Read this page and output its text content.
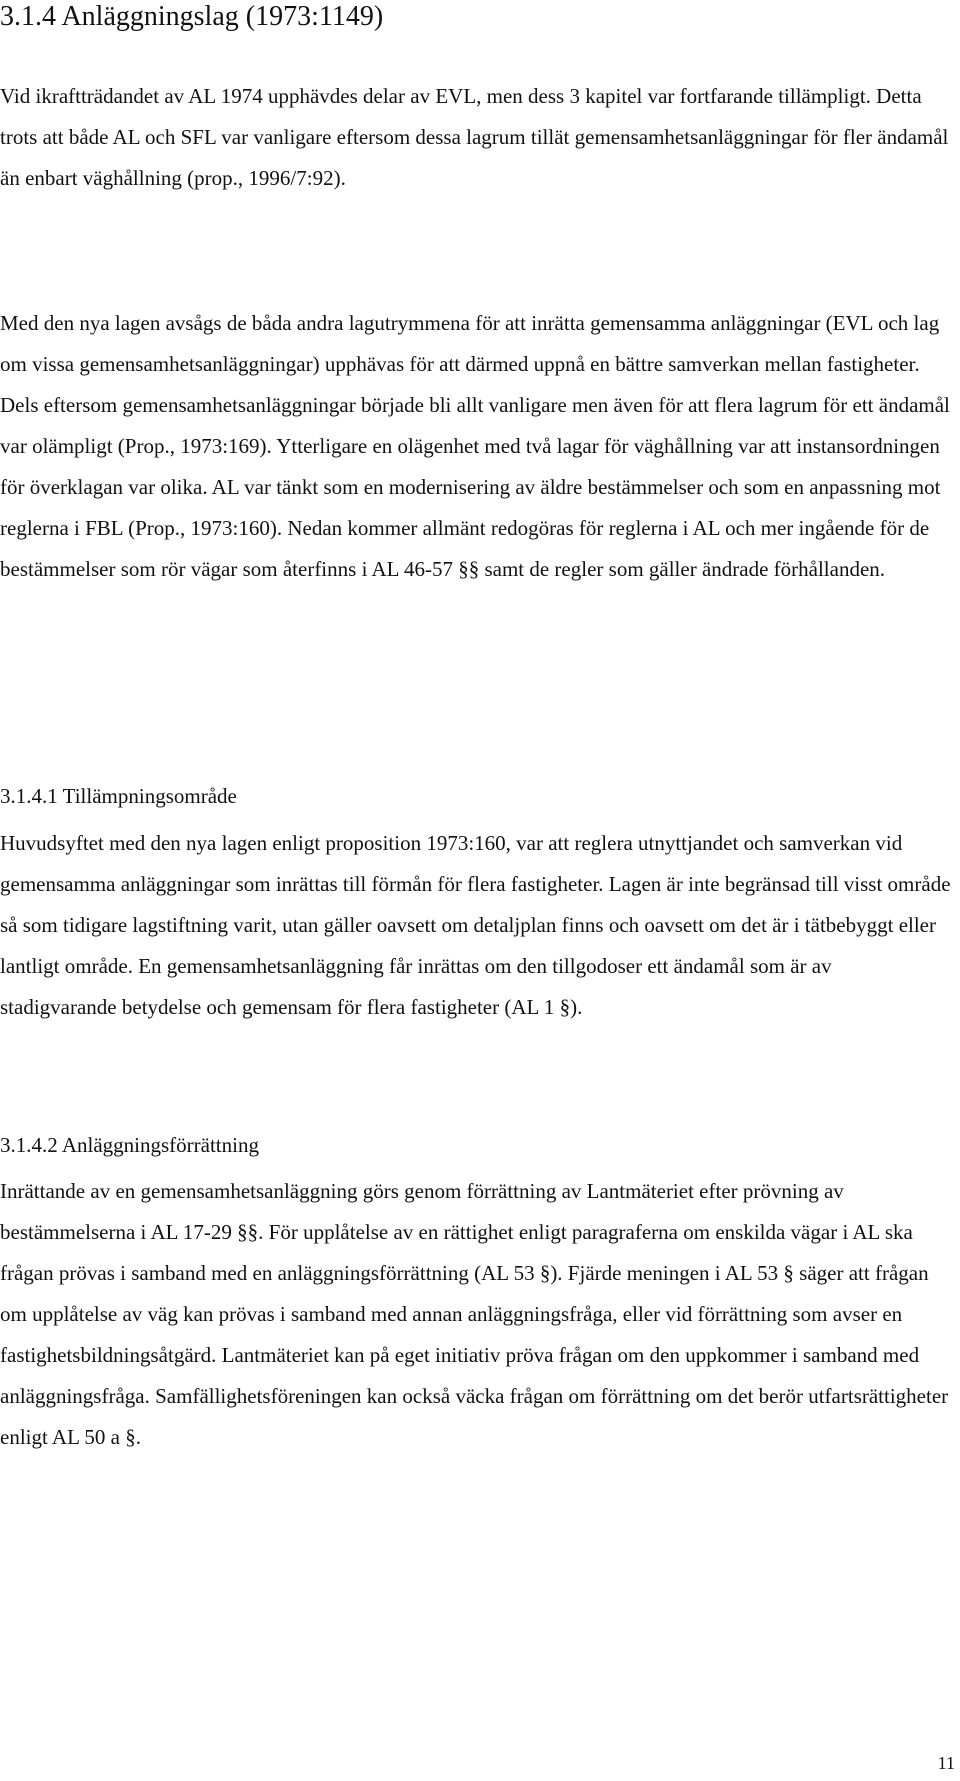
3.1.4 Anläggningslag (1973:1149)

Vid ikraftträdandet av AL 1974 upphävdes delar av EVL, men dess 3 kapitel var fortfarande tillämpligt. Detta trots att både AL och SFL var vanligare eftersom dessa lagrum tillät gemensamhetsanläggningar för fler ändamål än enbart väghållning (prop., 1996/7:92).

Med den nya lagen avsågs de båda andra lagutrymmena för att inrätta gemensamma anläggningar (EVL och lag om vissa gemensamhetsanläggningar) upphävas för att därmed uppnå en bättre samverkan mellan fastigheter. Dels eftersom gemensamhetsanläggningar började bli allt vanligare men även för att flera lagrum för ett ändamål var olämpligt (Prop., 1973:169). Ytterligare en olägenhet med två lagar för väghållning var att instansordningen för överklagan var olika. AL var tänkt som en modernisering av äldre bestämmelser och som en anpassning mot reglerna i FBL (Prop., 1973:160). Nedan kommer allmänt redogöras för reglerna i AL och mer ingående för de bestämmelser som rör vägar som återfinns i AL 46-57 §§ samt de regler som gäller ändrade förhållanden.

3.1.4.1 Tillämpningsområde

Huvudsyftet med den nya lagen enligt proposition 1973:160, var att reglera utnyttjandet och samverkan vid gemensamma anläggningar som inrättas till förmån för flera fastigheter. Lagen är inte begränsad till visst område så som tidigare lagstiftning varit, utan gäller oavsett om detaljplan finns och oavsett om det är i tätbebyggt eller lantligt område. En gemensamhetsanläggning får inrättas om den tillgodoser ett ändamål som är av stadigvarande betydelse och gemensam för flera fastigheter (AL 1 §).

3.1.4.2 Anläggningsförrättning

Inrättande av en gemensamhetsanläggning görs genom förrättning av Lantmäteriet efter prövning av bestämmelserna i AL 17-29 §§. För upplåtelse av en rättighet enligt paragraferna om enskilda vägar i AL ska frågan prövas i samband med en anläggningsförrättning (AL 53 §). Fjärde meningen i AL 53 § säger att frågan om upplåtelse av väg kan prövas i samband med annan anläggningsfråga, eller vid förrättning som avser en fastighetsbildningsåtgärd. Lantmäteriet kan på eget initiativ pröva frågan om den uppkommer i samband med anläggningsfråga. Samfällighetsföreningen kan också väcka frågan om förrättning om det berör utfartsrättigheter enligt AL 50 a §.

11
